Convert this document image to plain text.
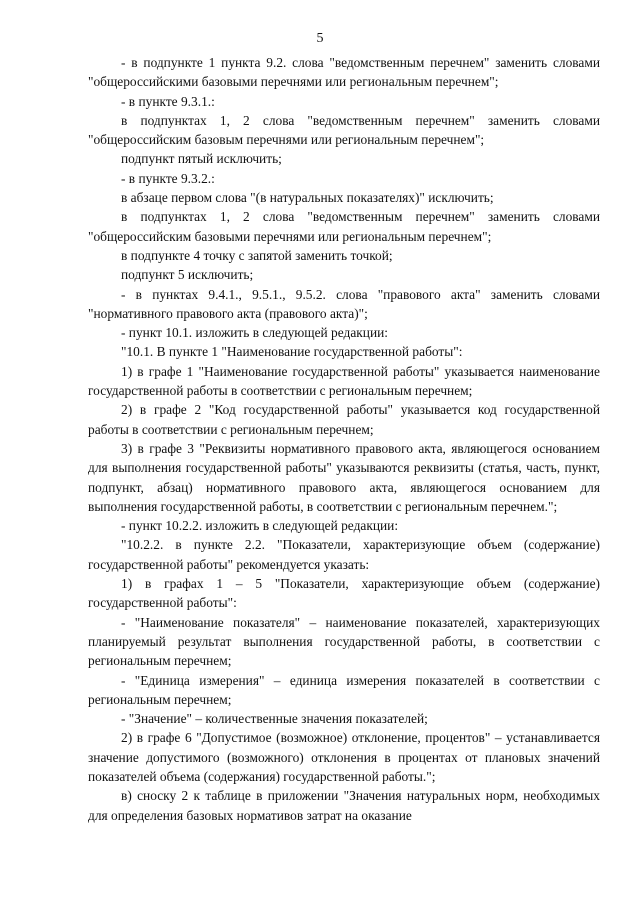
5

- в подпункте 1 пункта 9.2. слова "ведомственным перечнем" заменить словами "общероссийскими базовыми перечнями или региональным перечнем";

- в пункте 9.3.1.:

в подпунктах 1, 2 слова "ведомственным перечнем" заменить словами "общероссийским базовым перечнями или региональным перечнем";

подпункт пятый исключить;

- в пункте 9.3.2.:

в абзаце первом слова "(в натуральных показателях)" исключить;

в подпунктах 1, 2 слова "ведомственным перечнем" заменить словами "общероссийским базовыми перечнями или региональным перечнем";

в подпункте 4 точку с запятой заменить точкой;

подпункт 5 исключить;

- в пунктах 9.4.1., 9.5.1., 9.5.2. слова "правового акта" заменить словами "нормативного правового акта (правового акта)";

- пункт 10.1. изложить в следующей редакции:

"10.1. В пункте 1 "Наименование государственной работы":

1) в графе 1 "Наименование государственной работы" указывается наименование государственной работы в соответствии с региональным перечнем;

2) в графе 2 "Код государственной работы" указывается код государственной работы в соответствии с региональным перечнем;

3) в графе 3 "Реквизиты нормативного правового акта, являющегося основанием для выполнения государственной работы" указываются реквизиты (статья, часть, пункт, подпункт, абзац) нормативного правового акта, являющегося основанием для выполнения государственной работы, в соответствии с региональным перечнем.";

- пункт 10.2.2. изложить в следующей редакции:

"10.2.2. в пункте 2.2. "Показатели, характеризующие объем (содержание) государственной работы" рекомендуется указать:

1) в графах 1 – 5 "Показатели, характеризующие объем (содержание) государственной работы":

- "Наименование показателя" – наименование показателей, характеризующих планируемый результат выполнения государственной работы, в соответствии с региональным перечнем;

- "Единица измерения" – единица измерения показателей в соответствии с региональным перечнем;

- "Значение" – количественные значения показателей;

2) в графе 6 "Допустимое (возможное) отклонение, процентов" – устанавливается значение допустимого (возможного) отклонения в процентах от плановых значений показателей объема (содержания) государственной работы.";

в) сноску 2 к таблице в приложении "Значения натуральных норм, необходимых для определения базовых нормативов затрат на оказание
